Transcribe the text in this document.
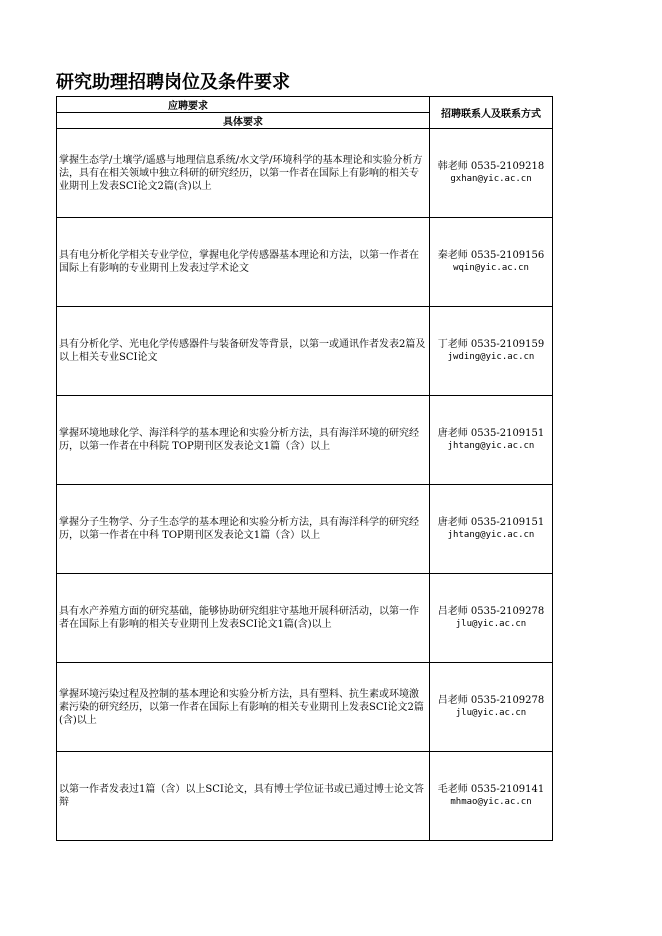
研究助理招聘岗位及条件要求
应聘要求	招聘联系人及联系方式
具体要求	
掌握生态学/土壤学/遥感与地理信息系统/水文学/环境科学的基本理论和实验分析方法，具有在相关领域中独立科研的研究经历，以第一作者在国际上有影响的相关专业期刊上发表SCI论文2篇(含)以上	韩老师 0535-2109218
gxhan@yic.ac.cn

具有电分析化学相关专业学位，掌握电化学传感器基本理论和方法，以第一作者在国际上有影响的专业期刊上发表过学术论文	秦老师 0535-2109156
wqin@yic.ac.cn

具有分析化学、光电化学传感器件与装备研发等背景，以第一或通讯作者发表2篇及以上相关专业SCI论文	丁老师 0535-2109159
jwding@yic.ac.cn

掌握环境地球化学、海洋科学的基本理论和实验分析方法，具有海洋环境的研究经历，以第一作者在中科院 TOP期刊区发表论文1篇（含）以上	唐老师 0535-2109151
jhtang@yic.ac.cn

掌握分子生物学、分子生态学的基本理论和实验分析方法，具有海洋科学的研究经历，以第一作者在中科 TOP期刊区发表论文1篇（含）以上	唐老师 0535-2109151
jhtang@yic.ac.cn

具有水产养殖方面的研究基础，能够协助研究组驻守基地开展科研活动，以第一作者在国际上有影响的相关专业期刊上发表SCI论文1篇(含)以上	吕老师 0535-2109278
jlu@yic.ac.cn

掌握环境污染过程及控制的基本理论和实验分析方法，具有塑料、抗生素或环境激素污染的研究经历，以第一作者在国际上有影响的相关专业期刊上发表SCI论文2篇(含)以上	吕老师 0535-2109278
jlu@yic.ac.cn

以第一作者发表过1篇（含）以上SCI论文，具有博士学位证书或已通过博士论文答辩	毛老师 0535-2109141
mhmao@yic.ac.cn
